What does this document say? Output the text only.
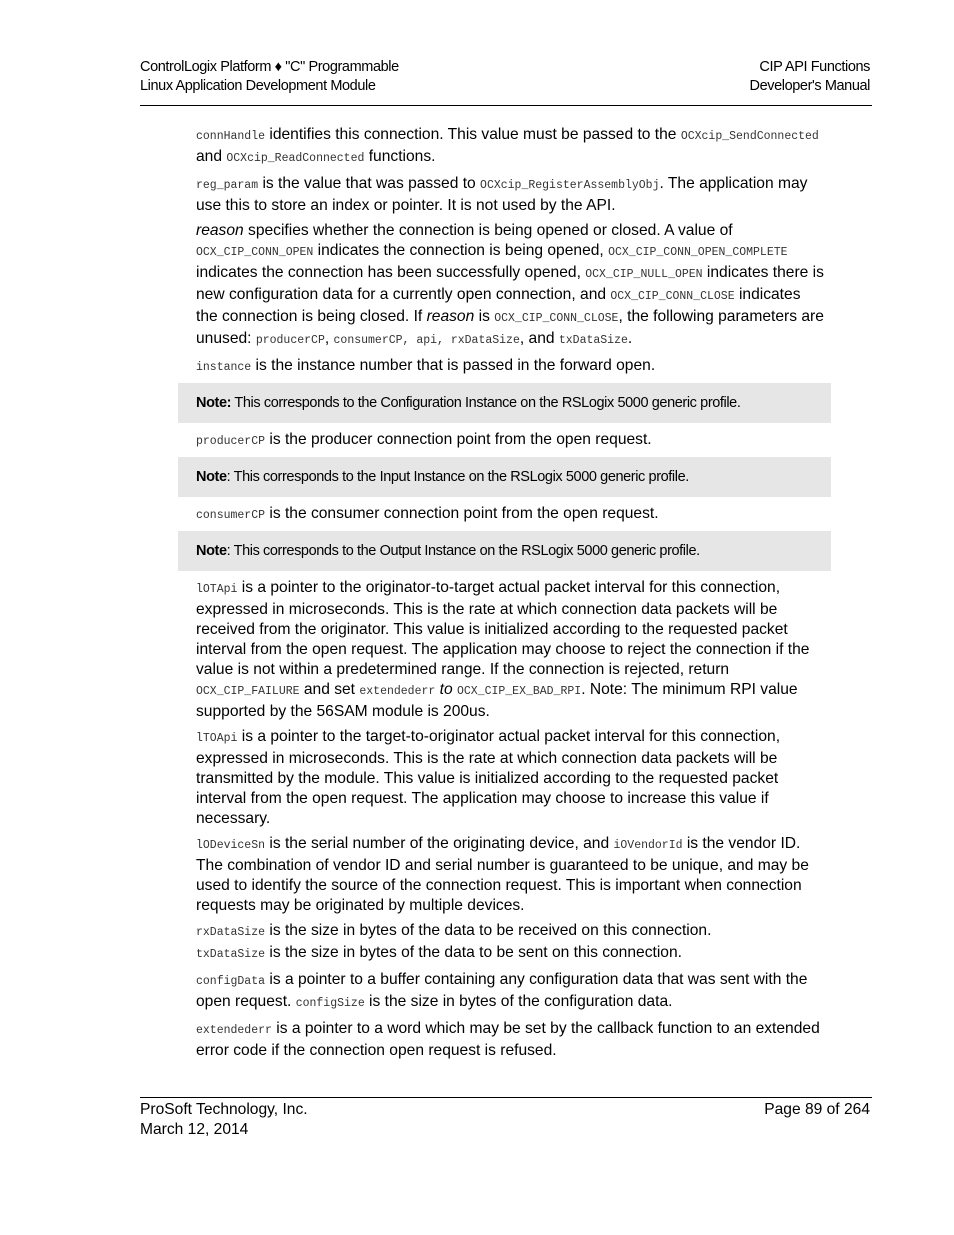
ControlLogix Platform ♦ "C" Programmable
Linux Application Development Module
CIP API Functions
Developer's Manual

connHandle identifies this connection. This value must be passed to the OCXcip_SendConnected and OCXcip_ReadConnected functions.

reg_param is the value that was passed to OCXcip_RegisterAssemblyObj. The application may use this to store an index or pointer. It is not used by the API.

reason specifies whether the connection is being opened or closed. A value of OCX_CIP_CONN_OPEN indicates the connection is being opened, OCX_CIP_CONN_OPEN_COMPLETE indicates the connection has been successfully opened, OCX_CIP_NULL_OPEN indicates there is new configuration data for a currently open connection, and OCX_CIP_CONN_CLOSE indicates the connection is being closed. If reason is OCX_CIP_CONN_CLOSE, the following parameters are unused: producerCP, consumerCP, api, rxDataSize, and txDataSize.

instance is the instance number that is passed in the forward open.

Note: This corresponds to the Configuration Instance on the RSLogix 5000 generic profile.

producerCP is the producer connection point from the open request.

Note: This corresponds to the Input Instance on the RSLogix 5000 generic profile.

consumerCP is the consumer connection point from the open request.

Note: This corresponds to the Output Instance on the RSLogix 5000 generic profile.

lOTApi is a pointer to the originator-to-target actual packet interval for this connection, expressed in microseconds. This is the rate at which connection data packets will be received from the originator. This value is initialized according to the requested packet interval from the open request. The application may choose to reject the connection if the value is not within a predetermined range. If the connection is rejected, return OCX_CIP_FAILURE and set extendederr to OCX_CIP_EX_BAD_RPI. Note: The minimum RPI value supported by the 56SAM module is 200us.

lTOApi is a pointer to the target-to-originator actual packet interval for this connection, expressed in microseconds. This is the rate at which connection data packets will be transmitted by the module. This value is initialized according to the requested packet interval from the open request. The application may choose to increase this value if necessary.

lODeviceSn is the serial number of the originating device, and iOVendorId is the vendor ID. The combination of vendor ID and serial number is guaranteed to be unique, and may be used to identify the source of the connection request. This is important when connection requests may be originated by multiple devices.

rxDataSize is the size in bytes of the data to be received on this connection.
txDataSize is the size in bytes of the data to be sent on this connection.

configData is a pointer to a buffer containing any configuration data that was sent with the open request. configSize is the size in bytes of the configuration data.

extendederr is a pointer to a word which may be set by the callback function to an extended error code if the connection open request is refused.

ProSoft Technology, Inc.
March 12, 2014
Page 89 of 264
